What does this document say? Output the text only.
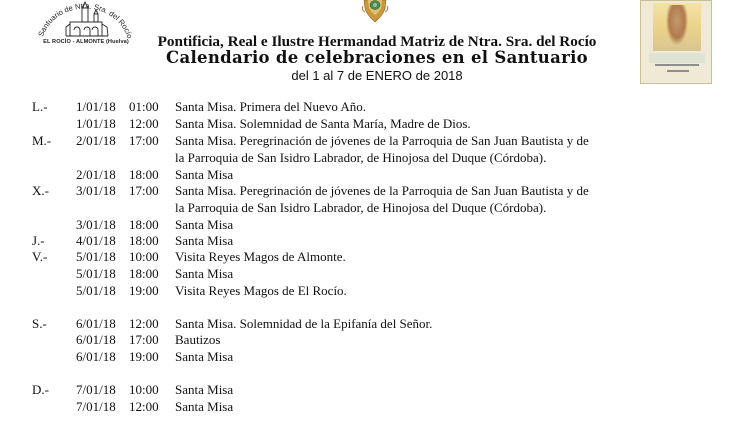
Santuario de Ntra. Sra. del Rocío
EL ROCÍO - ALMONTE (Huelva)	Pontificia, Real e Ilustre Hermandad Matriz de Ntra. Sra. del Rocío
Calendario de celebraciones en el Santuario
del 1 al 7 de ENERO de 2018
L.- 1/01/18 01:00 Santa Misa. Primera del Nuevo Año.
1/01/18 12:00 Santa Misa. Solemnidad de Santa María, Madre de Dios.
M.- 2/01/18 17:00 Santa Misa. Peregrinación de jóvenes de la Parroquia de San Juan Bautista y de
la Parroquia de San Isidro Labrador, de Hinojosa del Duque (Córdoba).
2/01/18 18:00 Santa Misa
X.- 3/01/18 17:00 Santa Misa. Peregrinación de jóvenes de la Parroquia de San Juan Bautista y de
la Parroquia de San Isidro Labrador, de Hinojosa del Duque (Córdoba).
3/01/18 18:00 Santa Misa
J.- 4/01/18 18:00 Santa Misa
V.- 5/01/18 10:00 Visita Reyes Magos de Almonte.
5/01/18 18:00 Santa Misa
5/01/18 19:00 Visita Reyes Magos de El Rocío.
S.- 6/01/18 12:00 Santa Misa. Solemnidad de la Epifanía del Señor.
6/01/18 17:00 Bautizos
6/01/18 19:00 Santa Misa
D.- 7/01/18 10:00 Santa Misa
7/01/18 12:00 Santa Misa
